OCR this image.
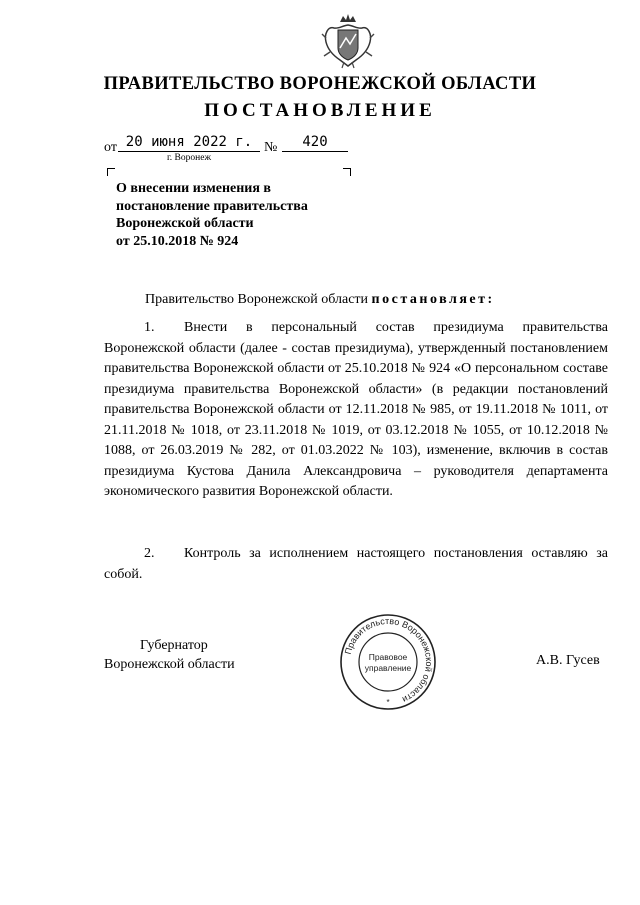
ПРАВИТЕЛЬСТВО ВОРОНЕЖСКОЙ ОБЛАСТИ
ПОСТАНОВЛЕНИЕ
от 20 июня 2022 г. №	420
г. Воронеж
О внесении изменения в
постановление правительства
Воронежской области
от 25.10.2018 № 924
Правительство Воронежской области постановляет:
1. Внести в персональный состав президиума правительства Воронежской области (далее - состав президиума), утвержденный постановлением правительства Воронежской области от 25.10.2018 № 924 «О персональном составе президиума правительства Воронежской области» (в редакции постановлений правительства Воронежской области от 12.11.2018 № 985, от 19.11.2018 № 1011, от 21.11.2018 № 1018, от 23.11.2018 № 1019, от 03.12.2018 № 1055, от 10.12.2018 № 1088, от 26.03.2019 № 282, от 01.03.2022 № 103), изменение, включив в состав президиума Кустова Данила Александровича – руководителя департамента экономического развития Воронежской области.
2. Контроль за исполнением настоящего постановления оставляю за собой.
Губернатор
Воронежской области	А.В. Гусев
Правительство Воронежской области
Правовое
управление
*
